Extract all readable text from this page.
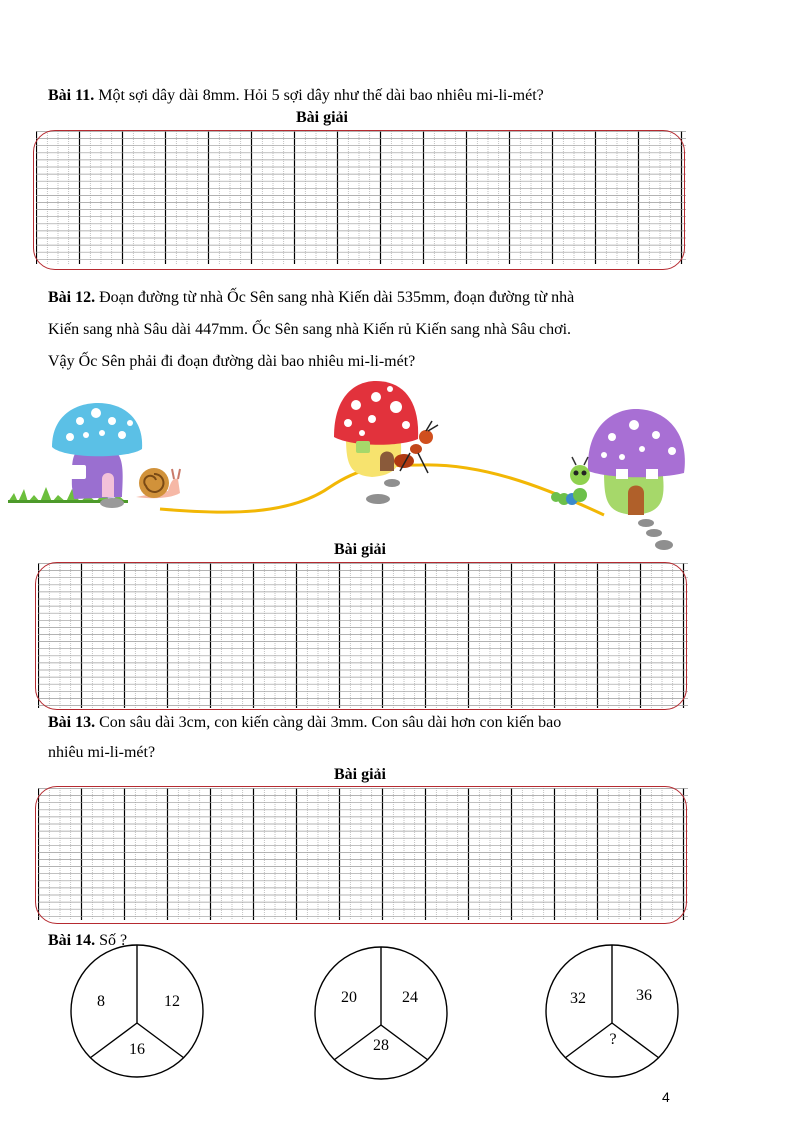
Bài 11. Một sợi dây dài 8mm. Hỏi 5 sợi dây như thế dài bao nhiêu mi-li-mét?
Bài giải
Bài 12. Đoạn đường từ nhà Ốc Sên sang nhà Kiến dài 535mm, đoạn đường từ nhà
Kiến sang nhà Sâu dài 447mm. Ốc Sên sang nhà Kiến rủ Kiến sang nhà Sâu chơi.
Vậy Ốc Sên phải đi đoạn đường dài bao nhiêu mi-li-mét?
Bài giải
Bài 13. Con sâu dài 3cm, con kiến càng dài 3mm. Con sâu dài hơn con kiến bao
nhiêu mi-li-mét?
Bài giải
Bài 14. Số ?
8	12
16
20	24
28
32	36
?
4
